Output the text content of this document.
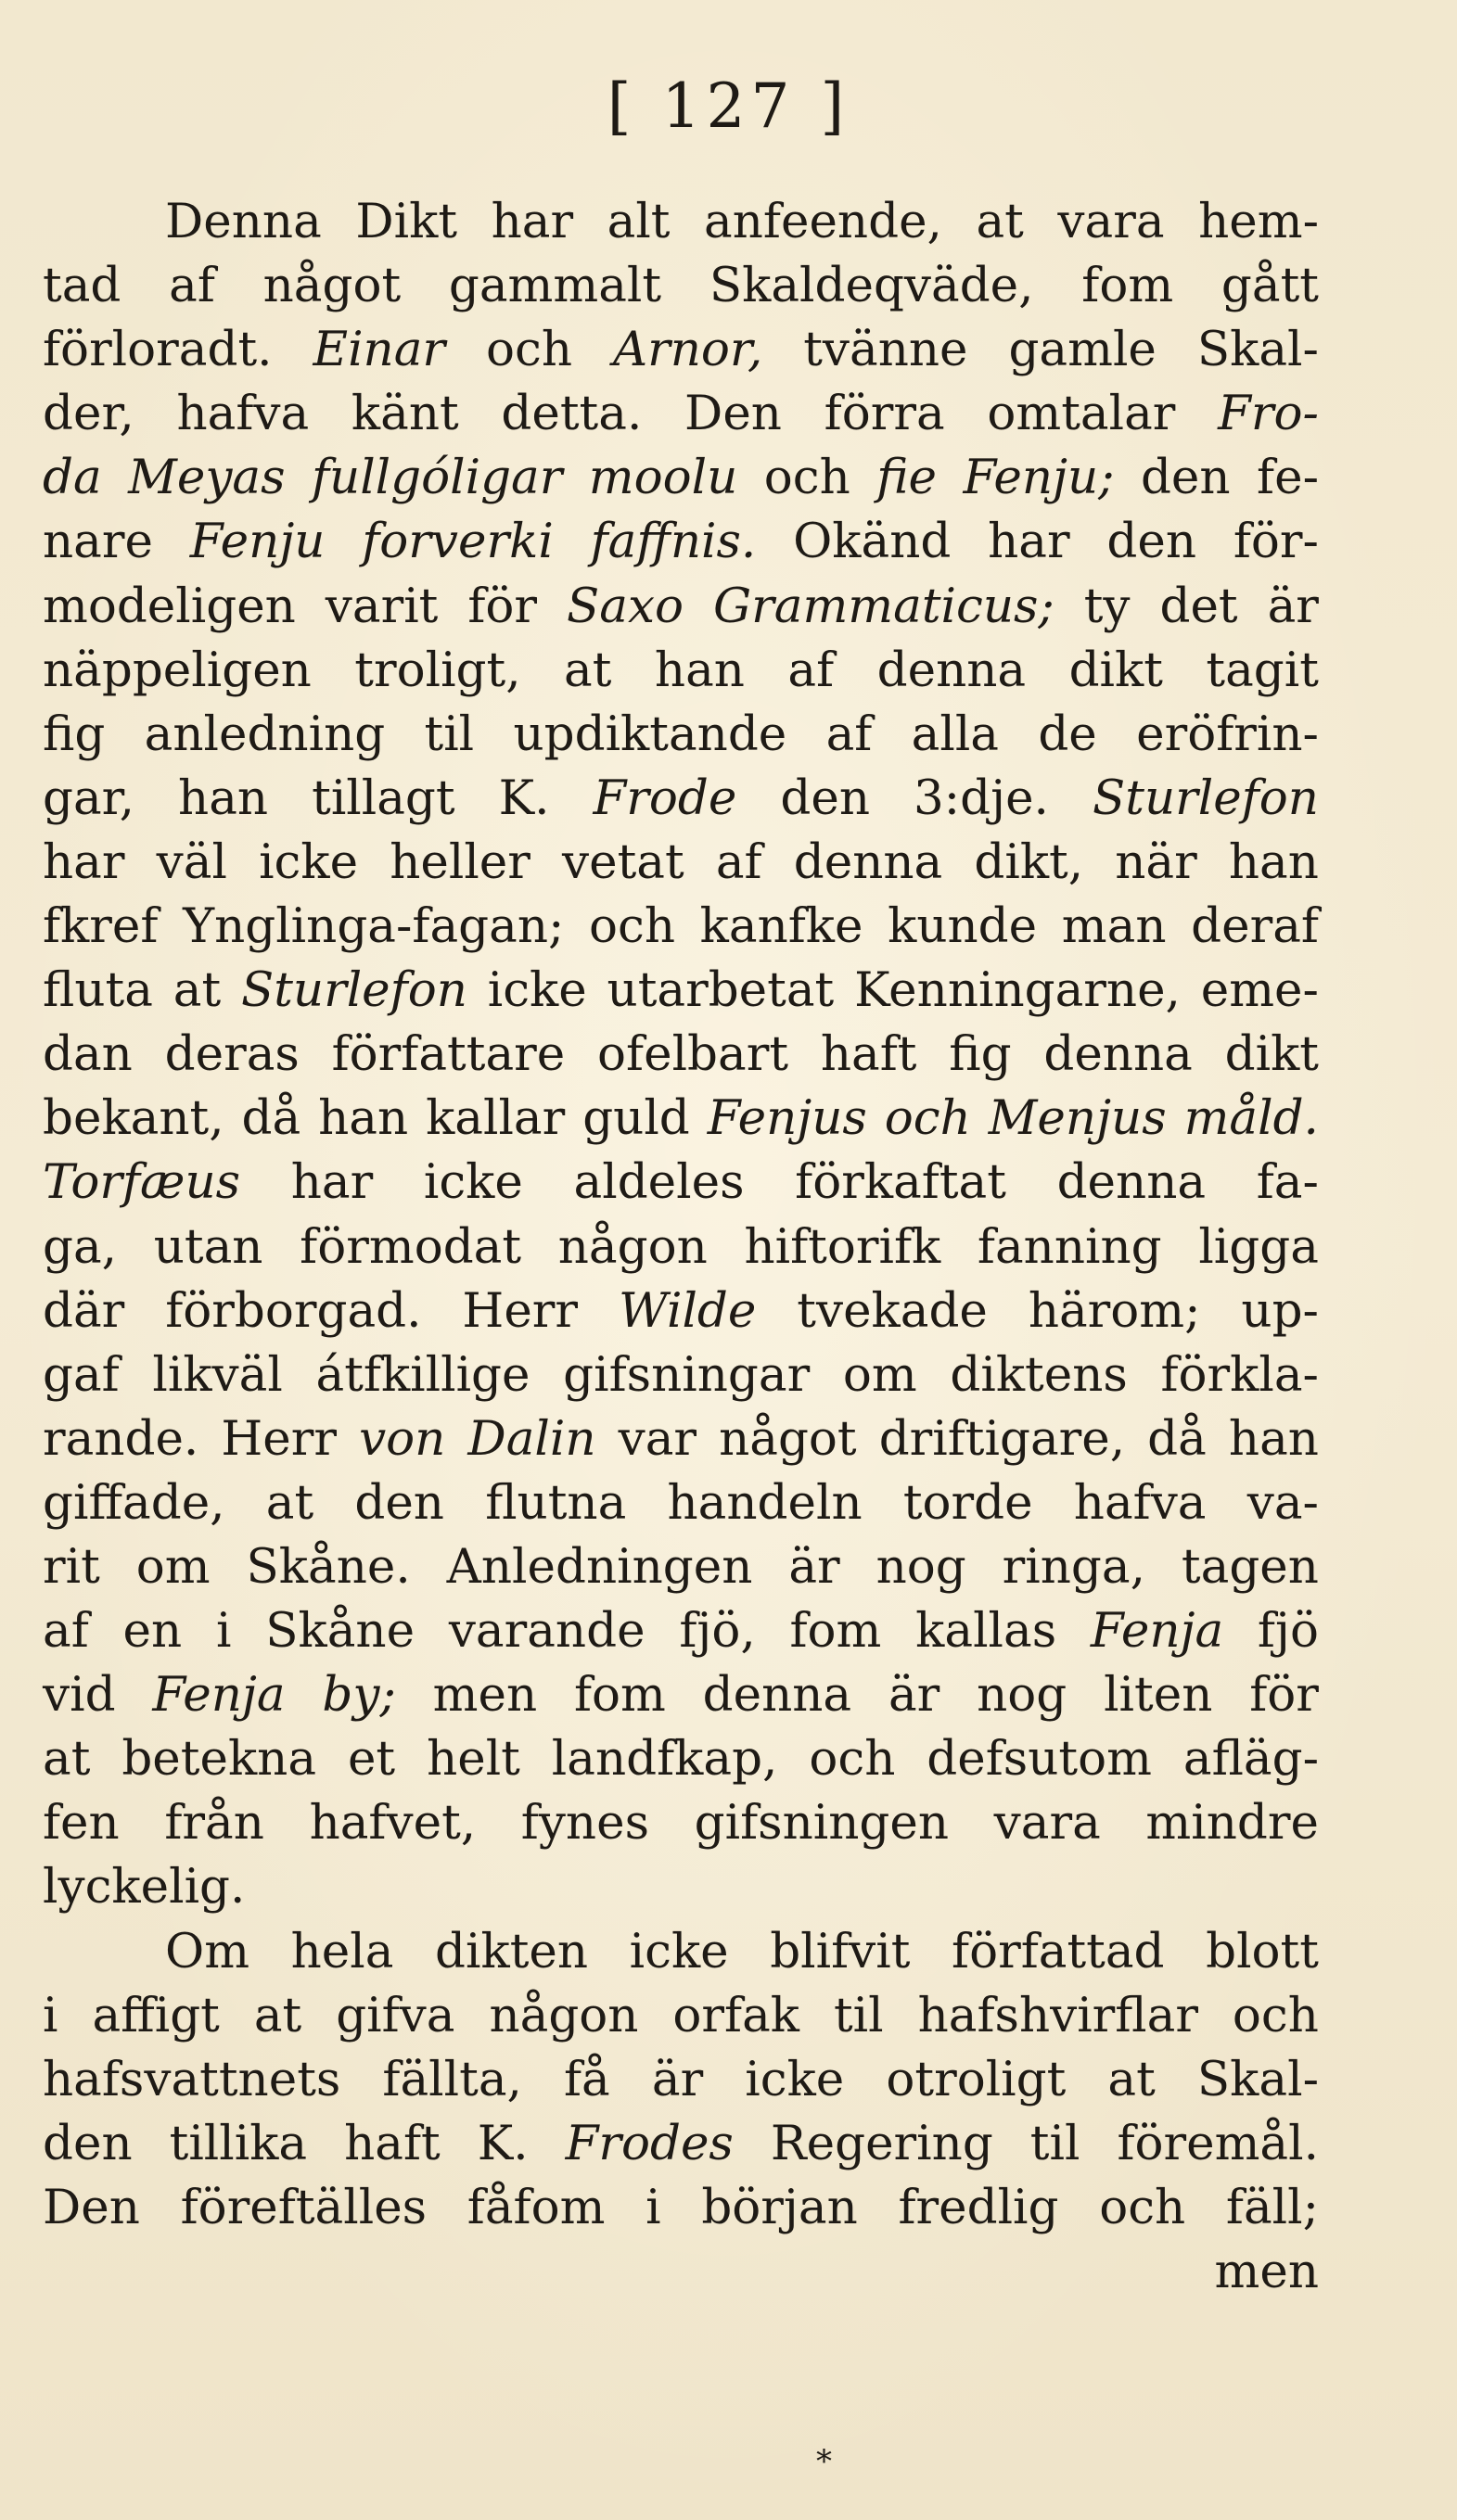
[ 127 ]
Denna Dikt har alt anfeende, at vara hem-
tad af något gammalt Skaldeqväde, fom gått
förloradt. Einar och Arnor, tvänne gamle Skal-
der, hafva känt detta. Den förra omtalar Fro-
da Meyas fullgóligar moolu och fie Fenju; den fe-
nare Fenju forverki faffnis. Okänd har den för-
modeligen varit för Saxo Grammaticus; ty det är
näppeligen troligt, at han af denna dikt tagit
fig anledning til updiktande af alla de eröfrin-
gar, han tillagt K. Frode den 3:dje. Sturlefon
har väl icke heller vetat af denna dikt, när han
fkref Ynglinga-fagan; och kanfke kunde man deraf
fluta at Sturlefon icke utarbetat Kenningarne, eme-
dan deras författare ofelbart haft fig denna dikt
bekant, då han kallar guld Fenjus och Menjus måld.
Torfæus har icke aldeles förkaftat denna fa-
ga, utan förmodat någon hiftorifk fanning ligga
där förborgad. Herr Wilde tvekade härom; up-
gaf likväl átfkillige gifsningar om diktens förkla-
rande. Herr von Dalin var något driftigare, då han
giffade, at den flutna handeln torde hafva va-
rit om Skåne. Anledningen är nog ringa, tagen
af en i Skåne varande fjö, fom kallas Fenja fjö
vid Fenja by; men fom denna är nog liten för
at betekna et helt landfkap, och defsutom afläg-
fen från hafvet, fynes gifsningen vara mindre
lyckelig.
Om hela dikten icke blifvit författad blott
i affigt at gifva någon orfak til hafshvirflar och
hafsvattnets fällta, få är icke otroligt at Skal-
den tillika haft K. Frodes Regering til föremål.
Den föreftälles fåfom i början fredlig och fäll;
men
*
